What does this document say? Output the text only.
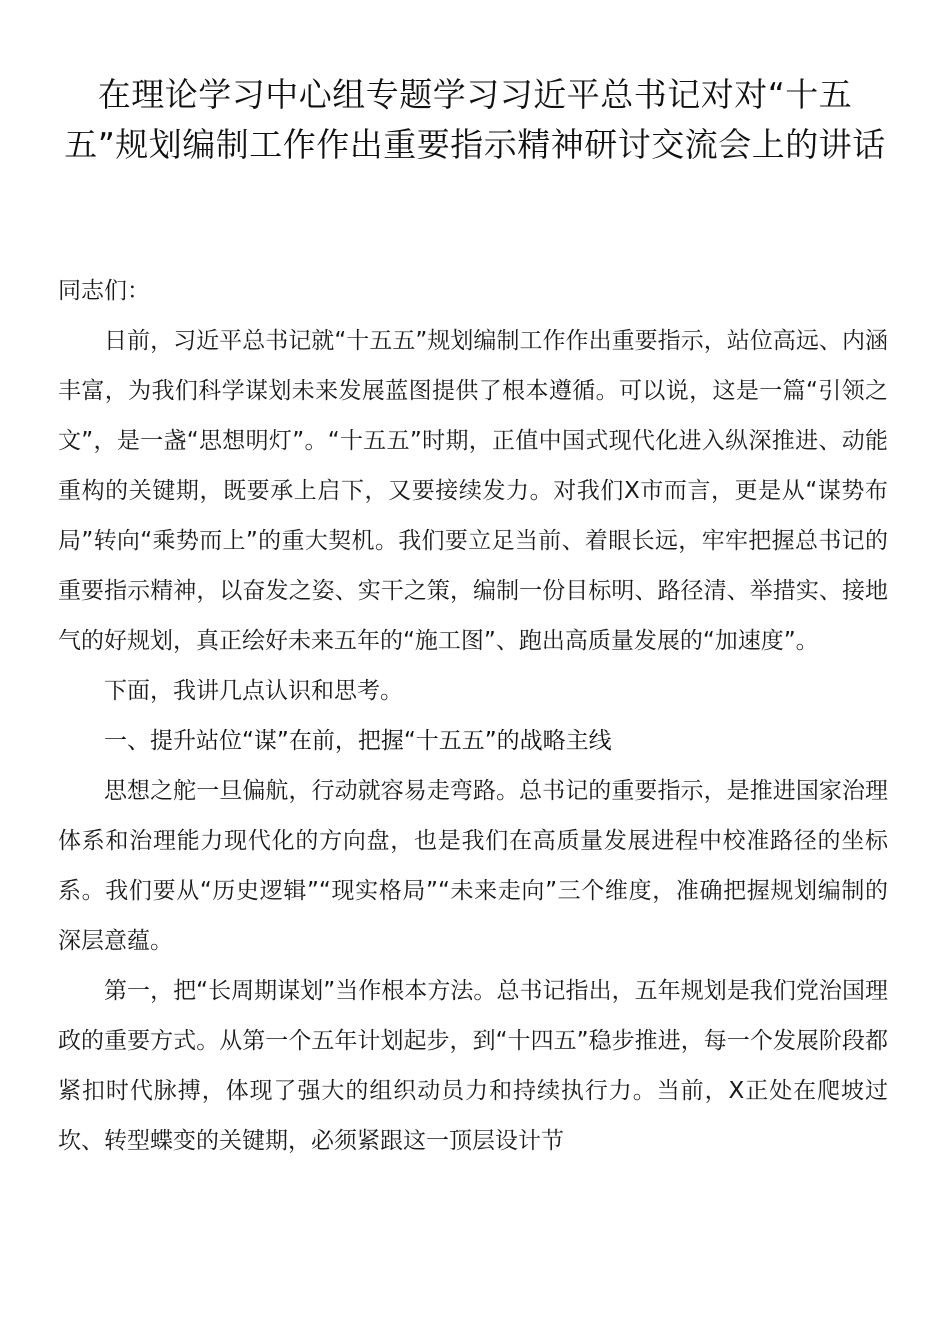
在理论学习中心组专题学习习近平总书记对对“十五五”规划编制工作作出重要指示精神研讨交流会上的讲话

同志们：

日前，习近平总书记就“十五五”规划编制工作作出重要指示，站位高远、内涵丰富，为我们科学谋划未来发展蓝图提供了根本遵循。可以说，这是一篇“引领之文”，是一盏“思想明灯”。“十五五”时期，正值中国式现代化进入纵深推进、动能重构的关键期，既要承上启下，又要接续发力。对我们X市而言，更是从“谋势布局”转向“乘势而上”的重大契机。我们要立足当前、着眼长远，牢牢把握总书记的重要指示精神，以奋发之姿、实干之策，编制一份目标明、路径清、举措实、接地气的好规划，真正绘好未来五年的“施工图”、跑出高质量发展的“加速度”。

下面，我讲几点认识和思考。

一、提升站位“谋”在前，把握“十五五”的战略主线

思想之舵一旦偏航，行动就容易走弯路。总书记的重要指示，是推进国家治理体系和治理能力现代化的方向盘，也是我们在高质量发展进程中校准路径的坐标系。我们要从“历史逻辑”“现实格局”“未来走向”三个维度，准确把握规划编制的深层意蕴。

第一，把“长周期谋划”当作根本方法。总书记指出，五年规划是我们党治国理政的重要方式。从第一个五年计划起步，到“十四五”稳步推进，每一个发展阶段都紧扣时代脉搏，体现了强大的组织动员力和持续执行力。当前，X正处在爬坡过坎、转型蝶变的关键期，必须紧跟这一顶层设计节
